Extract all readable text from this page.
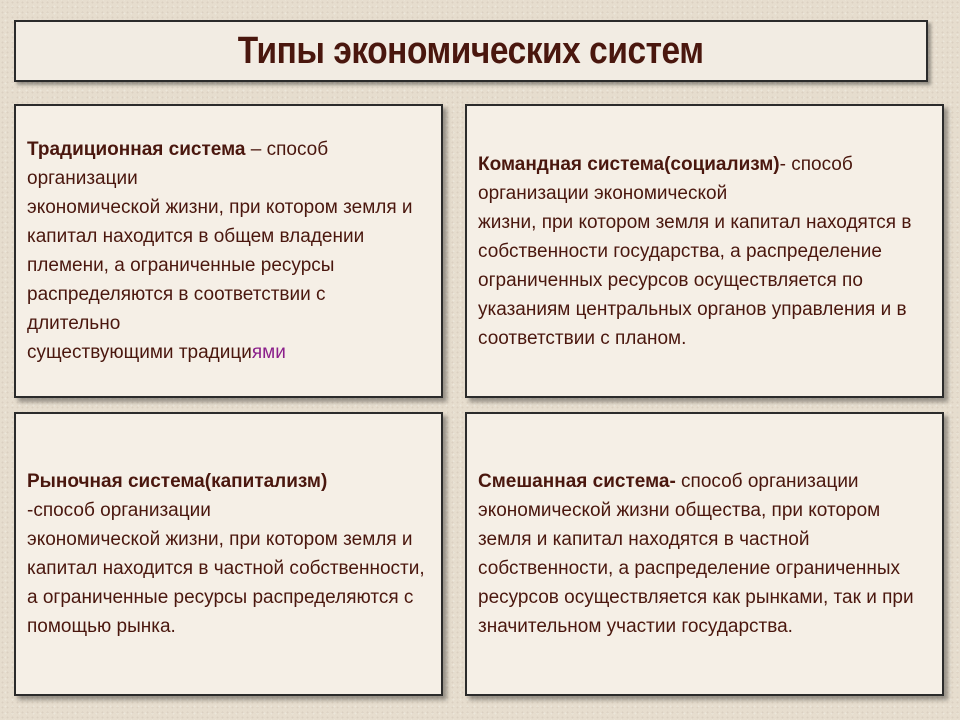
Типы экономических систем

Традиционная система – способ
организации
экономической жизни, при котором земля и
капитал находится в общем владении
племени, а ограниченные ресурсы
распределяются в соответствии с
длительно
существующими традициями

Командная система(социализм)- способ
организации экономической
жизни, при котором земля и капитал находятся в
собственности государства, а распределение
ограниченных ресурсов осуществляется по
указаниям центральных органов управления и в
соответствии с планом.

Рыночная система(капитализм)
-способ организации
экономической жизни, при котором земля и
капитал находится в частной собственности,
а ограниченные ресурсы распределяются с
помощью рынка.

Смешанная система- способ организации
экономической жизни общества, при котором
земля и капитал находятся в частной
собственности, а распределение ограниченных
ресурсов осуществляется как рынками, так и при
значительном участии государства.
